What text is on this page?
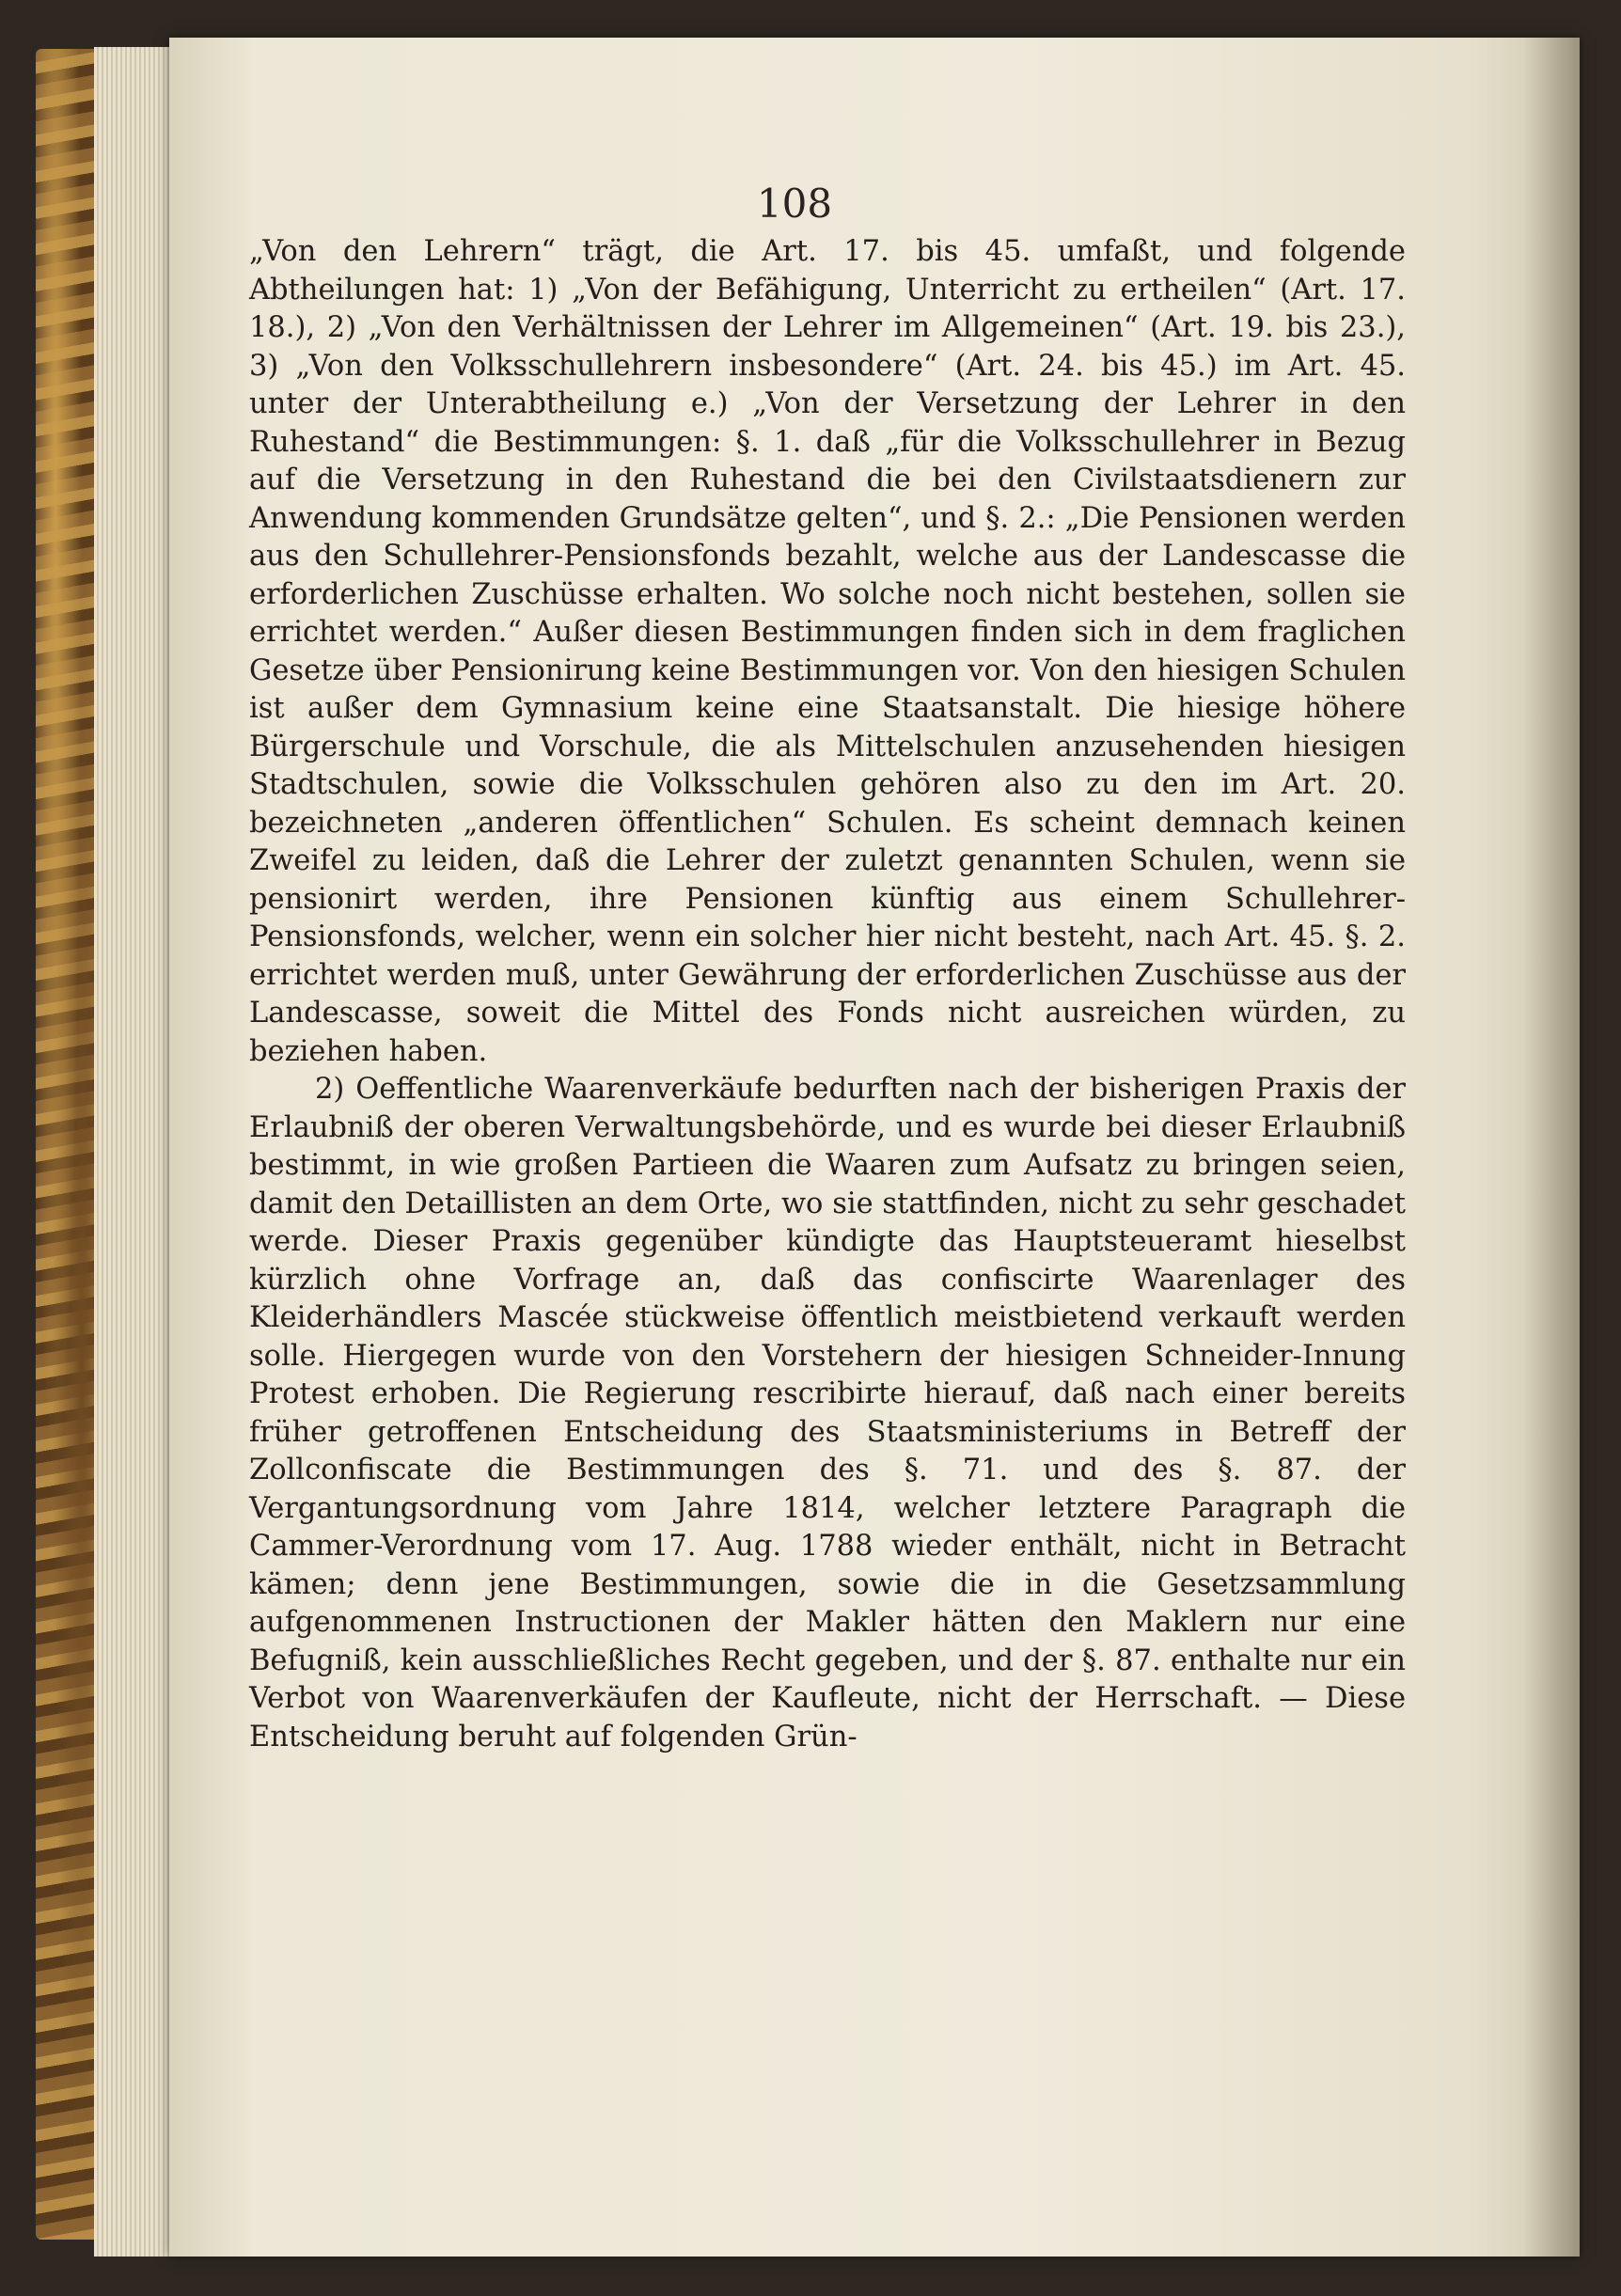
108

„Von den Lehrern“ trägt, die Art. 17. bis 45. umfaßt, und folgende Abtheilungen hat: 1) „Von der Befähigung, Unterricht zu ertheilen“ (Art. 17. 18.), 2) „Von den Verhältnissen der Lehrer im Allgemeinen“ (Art. 19. bis 23.), 3) „Von den Volksschullehrern insbesondere“ (Art. 24. bis 45.) im Art. 45. unter der Unterabtheilung e.) „Von der Versetzung der Lehrer in den Ruhestand“ die Bestimmungen: §. 1. daß „für die Volksschullehrer in Bezug auf die Versetzung in den Ruhestand die bei den Civilstaatsdienern zur Anwendung kommenden Grundsätze gelten“, und §. 2.: „Die Pensionen werden aus den Schullehrer-Pensionsfonds bezahlt, welche aus der Landescasse die erforderlichen Zuschüsse erhalten. Wo solche noch nicht bestehen, sollen sie errichtet werden.“ Außer diesen Bestimmungen finden sich in dem fraglichen Gesetze über Pensionirung keine Bestimmungen vor. Von den hiesigen Schulen ist außer dem Gymnasium keine eine Staatsanstalt. Die hiesige höhere Bürgerschule und Vorschule, die als Mittelschulen anzusehenden hiesigen Stadtschulen, sowie die Volksschulen gehören also zu den im Art. 20. bezeichneten „anderen öffentlichen“ Schulen. Es scheint demnach keinen Zweifel zu leiden, daß die Lehrer der zuletzt genannten Schulen, wenn sie pensionirt werden, ihre Pensionen künftig aus einem Schullehrer-Pensionsfonds, welcher, wenn ein solcher hier nicht besteht, nach Art. 45. §. 2. errichtet werden muß, unter Gewährung der erforderlichen Zuschüsse aus der Landescasse, soweit die Mittel des Fonds nicht ausreichen würden, zu beziehen haben.

2) Oeffentliche Waarenverkäufe bedurften nach der bisherigen Praxis der Erlaubniß der oberen Verwaltungsbehörde, und es wurde bei dieser Erlaubniß bestimmt, in wie großen Partieen die Waaren zum Aufsatz zu bringen seien, damit den Detaillisten an dem Orte, wo sie stattfinden, nicht zu sehr geschadet werde. Dieser Praxis gegenüber kündigte das Hauptsteueramt hieselbst kürzlich ohne Vorfrage an, daß das confiscirte Waarenlager des Kleiderhändlers Mascée stückweise öffentlich meistbietend verkauft werden solle. Hiergegen wurde von den Vorstehern der hiesigen Schneider-Innung Protest erhoben. Die Regierung rescribirte hierauf, daß nach einer bereits früher getroffenen Entscheidung des Staatsministeriums in Betreff der Zollconfiscate die Bestimmungen des §. 71. und des §. 87. der Vergantungsordnung vom Jahre 1814, welcher letztere Paragraph die Cammer-Verordnung vom 17. Aug. 1788 wieder enthält, nicht in Betracht kämen; denn jene Bestimmungen, sowie die in die Gesetzsammlung aufgenommenen Instructionen der Makler hätten den Maklern nur eine Befugniß, kein ausschließliches Recht gegeben, und der §. 87. enthalte nur ein Verbot von Waarenverkäufen der Kaufleute, nicht der Herrschaft. — Diese Entscheidung beruht auf folgenden Grün-
